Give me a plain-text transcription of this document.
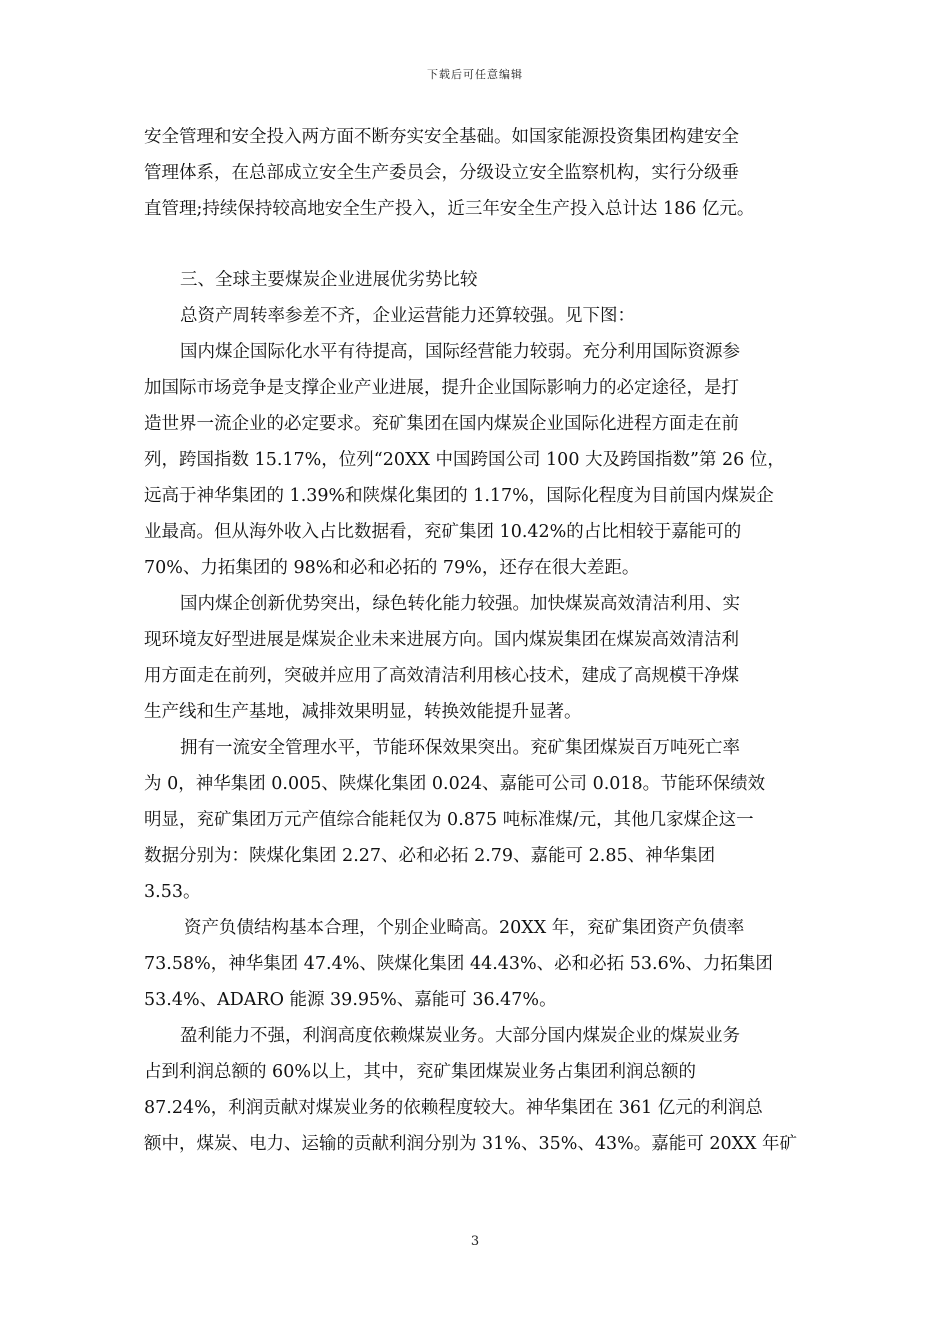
下载后可任意编辑
安全管理和安全投入两方面不断夯实安全基础。如国家能源投资集团构建安全
管理体系，在总部成立安全生产委员会，分级设立安全监察机构，实行分级垂
直管理;持续保持较高地安全生产投入，近三年安全生产投入总计达 186 亿元。
三、全球主要煤炭企业进展优劣势比较
总资产周转率参差不齐，企业运营能力还算较强。见下图：
国内煤企国际化水平有待提高，国际经营能力较弱。充分利用国际资源参
加国际市场竞争是支撑企业产业进展，提升企业国际影响力的必定途径，是打
造世界一流企业的必定要求。兖矿集团在国内煤炭企业国际化进程方面走在前
列，跨国指数 15.17%，位列“20XX 中国跨国公司 100 大及跨国指数”第 26 位，
远高于神华集团的 1.39%和陕煤化集团的 1.17%，国际化程度为目前国内煤炭企
业最高。但从海外收入占比数据看，兖矿集团 10.42%的占比相较于嘉能可的
70%、力拓集团的 98%和必和必拓的 79%，还存在很大差距。
国内煤企创新优势突出，绿色转化能力较强。加快煤炭高效清洁利用、实
现环境友好型进展是煤炭企业未来进展方向。国内煤炭集团在煤炭高效清洁利
用方面走在前列，突破并应用了高效清洁利用核心技术，建成了高规模干净煤
生产线和生产基地，减排效果明显，转换效能提升显著。
拥有一流安全管理水平，节能环保效果突出。兖矿集团煤炭百万吨死亡率
为 0，神华集团 0.005、陕煤化集团 0.024、嘉能可公司 0.018。节能环保绩效
明显，兖矿集团万元产值综合能耗仅为 0.875 吨标准煤/元，其他几家煤企这一
数据分别为：陕煤化集团 2.27、必和必拓 2.79、嘉能可 2.85、神华集团
3.53。
资产负债结构基本合理，个别企业畸高。20XX 年，兖矿集团资产负债率
73.58%，神华集团 47.4%、陕煤化集团 44.43%、必和必拓 53.6%、力拓集团
53.4%、ADARO 能源 39.95%、嘉能可 36.47%。
盈利能力不强，利润高度依赖煤炭业务。大部分国内煤炭企业的煤炭业务
占到利润总额的 60%以上，其中，兖矿集团煤炭业务占集团利润总额的
87.24%，利润贡献对煤炭业务的依赖程度较大。神华集团在 361 亿元的利润总
额中，煤炭、电力、运输的贡献利润分别为 31%、35%、43%。嘉能可 20XX 年矿
3
